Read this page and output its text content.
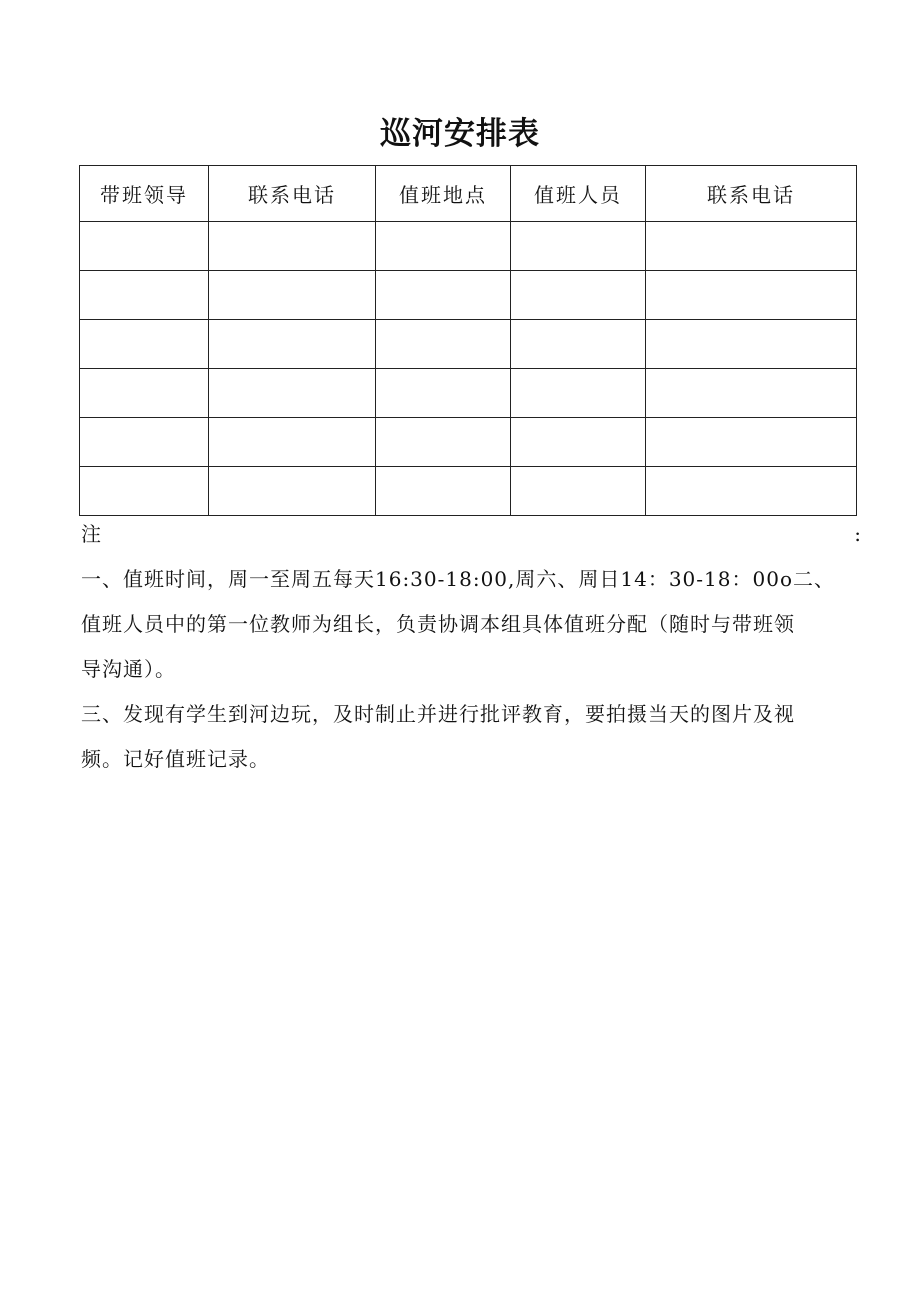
巡河安排表
带班领导	联系电话	值班地点	值班人员	联系电话

注	:

一、值班时间，周一至周五每天16:30-18:00,周六、周日14：30-18：00o二、

值班人员中的第一位教师为组长，负责协调本组具体值班分配（随时与带班领

导沟通）。

三、发现有学生到河边玩，及时制止并进行批评教育，要拍摄当天的图片及视

频。记好值班记录。
